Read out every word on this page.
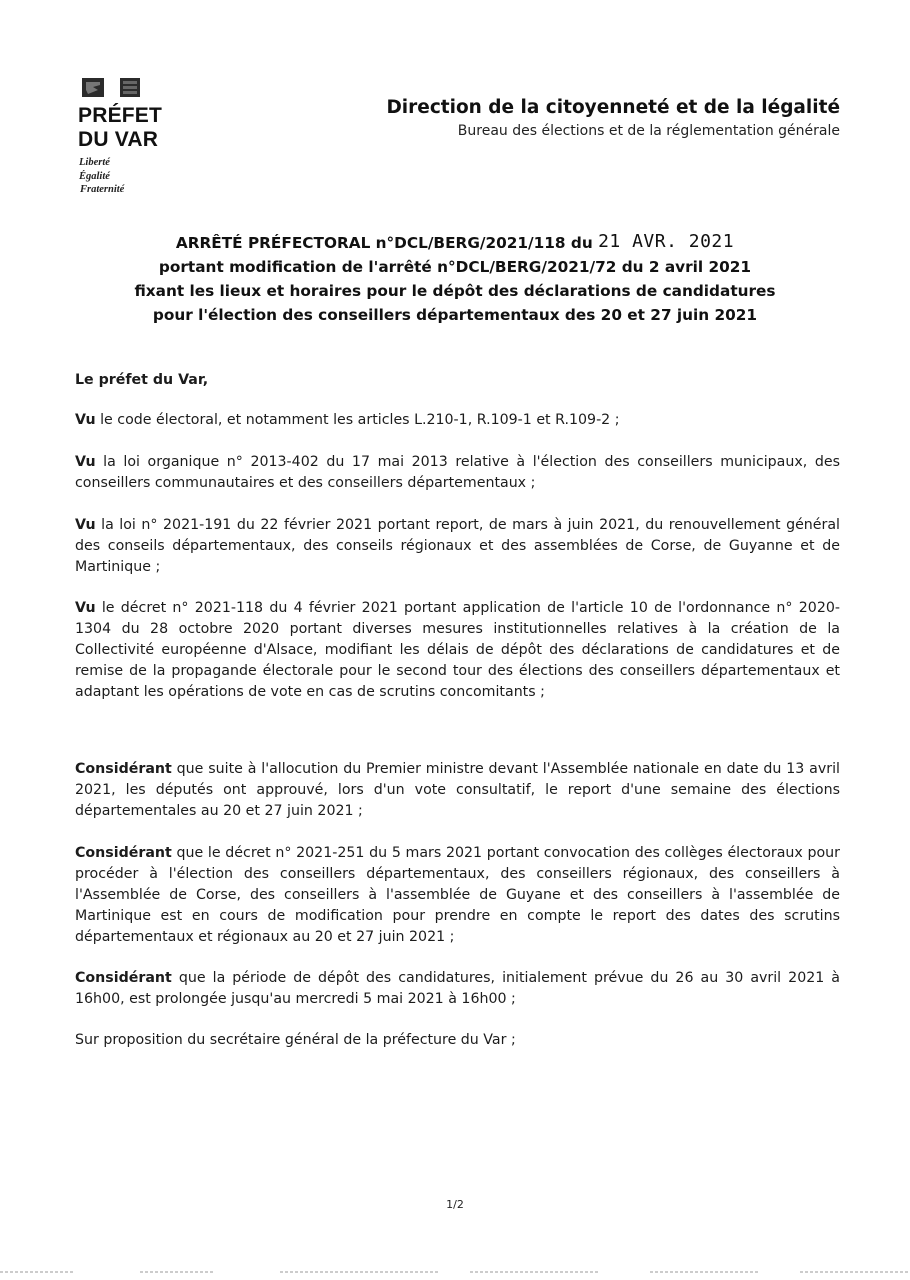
PRÉFET
DU VAR
Liberté
Égalité
Fraternité
Direction de la citoyenneté et de la légalité
Bureau des élections et de la réglementation générale
ARRÊTÉ PRÉFECTORAL n°DCL/BERG/2021/118 du 21 AVR. 2021
portant modification de l'arrêté n°DCL/BERG/2021/72 du 2 avril 2021
fixant les lieux et horaires pour le dépôt des déclarations de candidatures
pour l'élection des conseillers départementaux des 20 et 27 juin 2021

Le préfet du Var,

Vu le code électoral, et notamment les articles L.210-1, R.109-1 et R.109-2 ;

Vu la loi organique n° 2013-402 du 17 mai 2013 relative à l'élection des conseillers municipaux, des conseillers communautaires et des conseillers départementaux ;

Vu la loi n° 2021-191 du 22 février 2021 portant report, de mars à juin 2021, du renouvellement général des conseils départementaux, des conseils régionaux et des assemblées de Corse, de Guyanne et de Martinique ;

Vu le décret n° 2021-118 du 4 février 2021 portant application de l'article 10 de l'ordonnance n° 2020-1304 du 28 octobre 2020 portant diverses mesures institutionnelles relatives à la création de la Collectivité européenne d'Alsace, modifiant les délais de dépôt des déclarations de candidatures et de remise de la propagande électorale pour le second tour des élections des conseillers départementaux et adaptant les opérations de vote en cas de scrutins concomitants ;

Considérant que suite à l'allocution du Premier ministre devant l'Assemblée nationale en date du 13 avril 2021, les députés ont approuvé, lors d'un vote consultatif, le report d'une semaine des élections départementales au 20 et 27 juin 2021 ;

Considérant que le décret n° 2021-251 du 5 mars 2021 portant convocation des collèges électoraux pour procéder à l'élection des conseillers départementaux, des conseillers régionaux, des conseillers à l'Assemblée de Corse, des conseillers à l'assemblée de Guyane et des conseillers à l'assemblée de Martinique est en cours de modification pour prendre en compte le report des dates des scrutins départementaux et régionaux au 20 et 27 juin 2021 ;

Considérant que la période de dépôt des candidatures, initialement prévue du 26 au 30 avril 2021 à 16h00, est prolongée jusqu'au mercredi 5 mai 2021 à 16h00 ;

Sur proposition du secrétaire général de la préfecture du Var ;

1/2
